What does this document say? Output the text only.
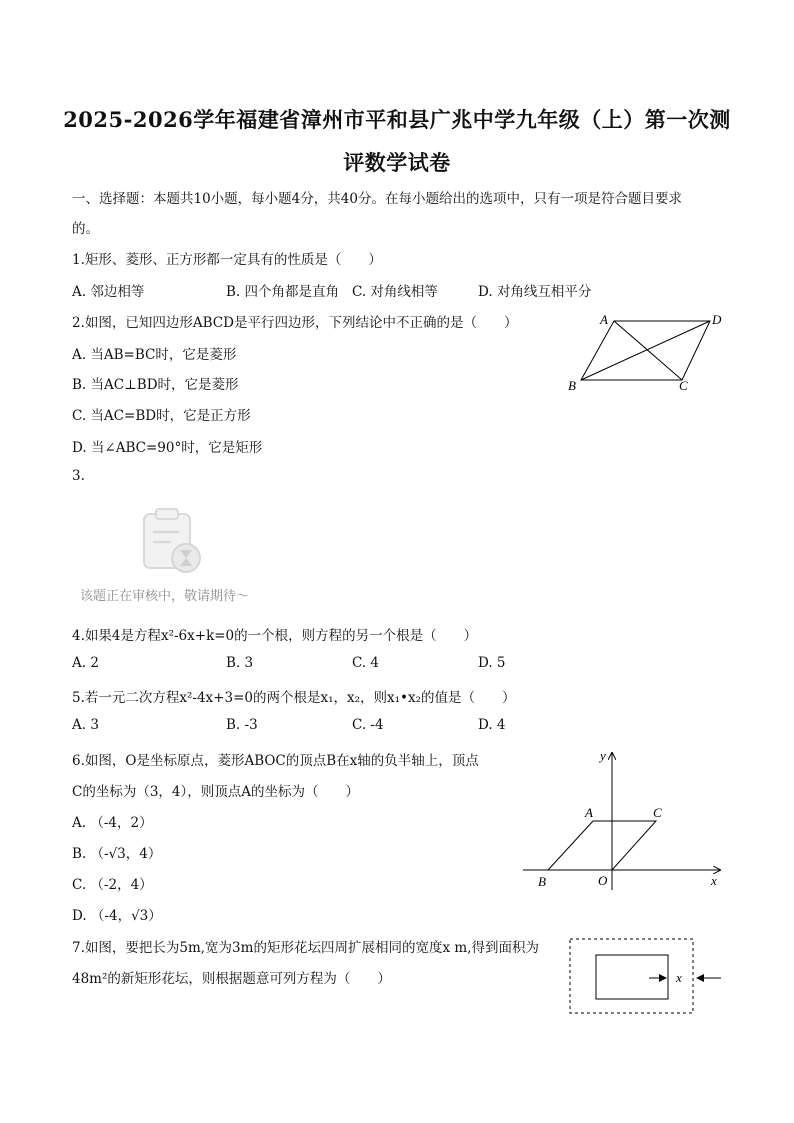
2025-2026学年福建省漳州市平和县广兆中学九年级（上）第一次测
评数学试卷
一、选择题：本题共10小题，每小题4分，共40分。在每小题给出的选项中，只有一项是符合题目要求
的。
1.矩形、菱形、正方形都一定具有的性质是（　　）
A. 邻边相等	B. 四个角都是直角 C. 对角线相等	D. 对角线互相平分
2.如图，已知四边形ABCD是平行四边形，下列结论中不正确的是（　　）
A. 当AB=BC时，它是菱形
B. 当AC⊥BD时，它是菱形
C. 当AC=BD时，它是正方形
D. 当∠ABC=90°时，它是矩形
A	D
B	C
3.
该题正在审核中，敬请期待～
4.如果4是方程x²-6x+k=0的一个根，则方程的另一个根是（　　）
A. 2	B. 3	C. 4	D. 5
5.若一元二次方程x²-4x+3=0的两个根是x₁，x₂，则x₁•x₂的值是（　　）
A. 3	B. -3	C. -4	D. 4
6.如图，O是坐标原点，菱形ABOC的顶点B在x轴的负半轴上，顶点
C的坐标为（3，4），则顶点A的坐标为（　　）
A. （-4，2）
B. （-√3，4）
C. （-2，4）
D. （-4，√3）
y
x
A	C
B	O
7.如图，要把长为5m,宽为3m的矩形花坛四周扩展相同的宽度x m,得到面积为
48m²的新矩形花坛，则根据题意可列方程为（　　）	x
